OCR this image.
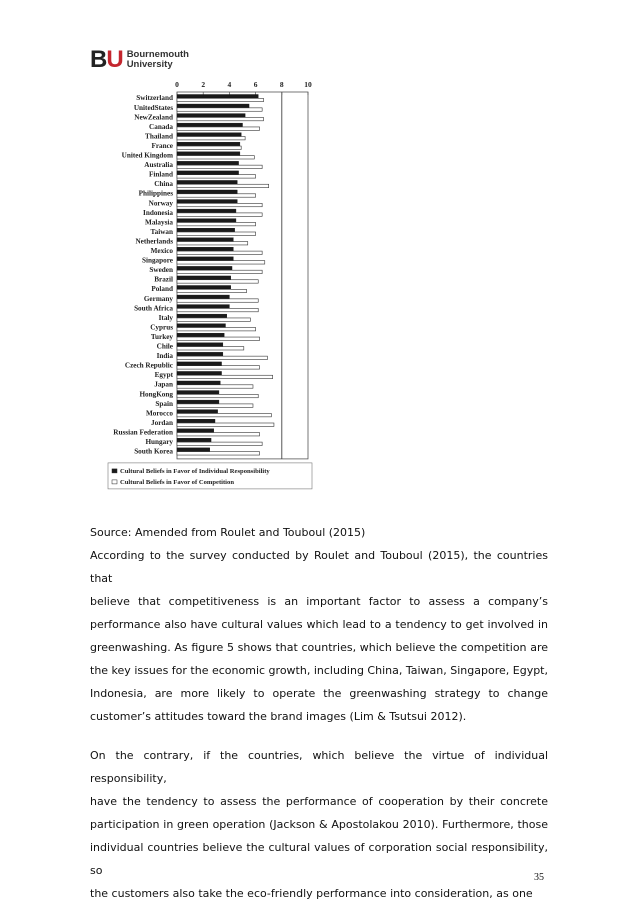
BU Bournemouth
University
0	2	4	6	8	10
Switzerland
UnitedStates
NewZealand
Canada
Thailand
France
United Kingdom
Australia
Finland
China
Philippines
Norway
Indonesia
Malaysia
Taiwan
Netherlands
Mexico
Singapore
Sweden
Brazil
Poland
Germany
South Africa
Italy
Cyprus
Turkey
Chile
India
Czech Republic
Egypt
Japan
HongKong
Spain
Morocco
Jordan
Russian Federation
Hungary
South Korea
Cultural Beliefs in Favor of Individual Responsibility
Cultural Beliefs in Favor of Competition

Source: Amended from Roulet and Touboul (2015)

According to the survey conducted by Roulet and Touboul (2015), the countries that

believe that competitiveness is an important factor to assess a company’s

performance also have cultural values which lead to a tendency to get involved in

greenwashing. As figure 5 shows that countries, which believe the competition are

the key issues for the economic growth, including China, Taiwan, Singapore, Egypt,

Indonesia, are more likely to operate the greenwashing strategy to change

customer’s attitudes toward the brand images (Lim & Tsutsui 2012).

On the contrary, if the countries, which believe the virtue of individual responsibility,

have the tendency to assess the performance of cooperation by their concrete

participation in green operation (Jackson & Apostolakou 2010). Furthermore, those

individual countries believe the cultural values of corporation social responsibility, so

the customers also take the eco-friendly performance into consideration, as one

35
